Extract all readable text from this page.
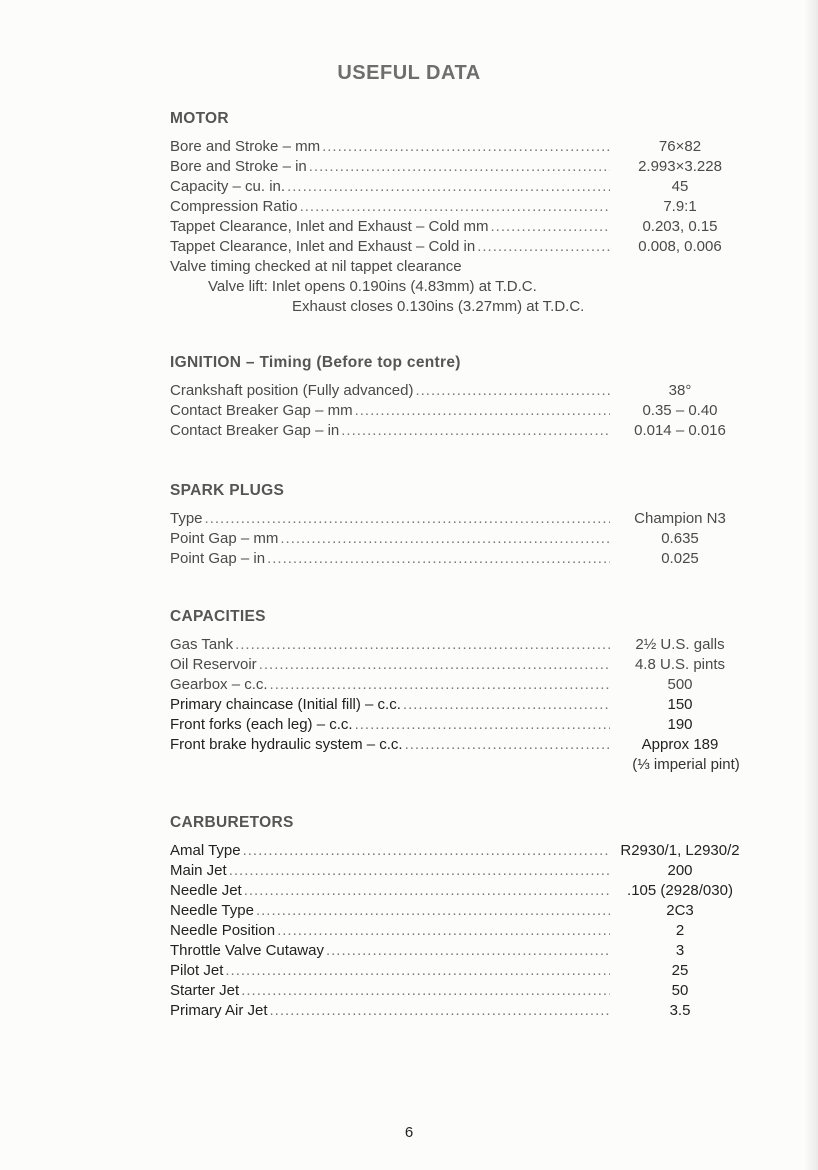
USEFUL DATA
MOTOR
Bore and Stroke – mm .....	76×82
Bore and Stroke – in .....	2.993×3.228
Capacity – cu. in. .....	45
Compression Ratio .....	7.9:1
Tappet Clearance, Inlet and Exhaust – Cold mm .....	0.203, 0.15
Tappet Clearance, Inlet and Exhaust – Cold in .....	0.008, 0.006
Valve timing checked at nil tappet clearance
Valve lift: Inlet opens 0.190ins (4.83mm) at T.D.C.
Exhaust closes 0.130ins (3.27mm) at T.D.C.
IGNITION – Timing (Before top centre)
Crankshaft position (Fully advanced) .....	38°
Contact Breaker Gap – mm .....	0.35 – 0.40
Contact Breaker Gap – in .....	0.014 – 0.016
SPARK PLUGS
Type .....	Champion N3
Point Gap – mm .....	0.635
Point Gap – in .....	0.025
CAPACITIES
Gas Tank .....	2½ U.S. galls
Oil Reservoir .....	4.8 U.S. pints
Gearbox – c.c. .....	500
Primary chaincase (Initial fill) – c.c. .....	150
Front forks (each leg) – c.c. .....	190
Front brake hydraulic system – c.c. .....	Approx 189
(⅓ imperial pint)
CARBURETORS
Amal Type .....	R2930/1, L2930/2
Main Jet .....	200
Needle Jet .....	.105 (2928/030)
Needle Type .....	2C3
Needle Position .....	2
Throttle Valve Cutaway .....	3
Pilot Jet .....	25
Starter Jet .....	50
Primary Air Jet .....	3.5
6
